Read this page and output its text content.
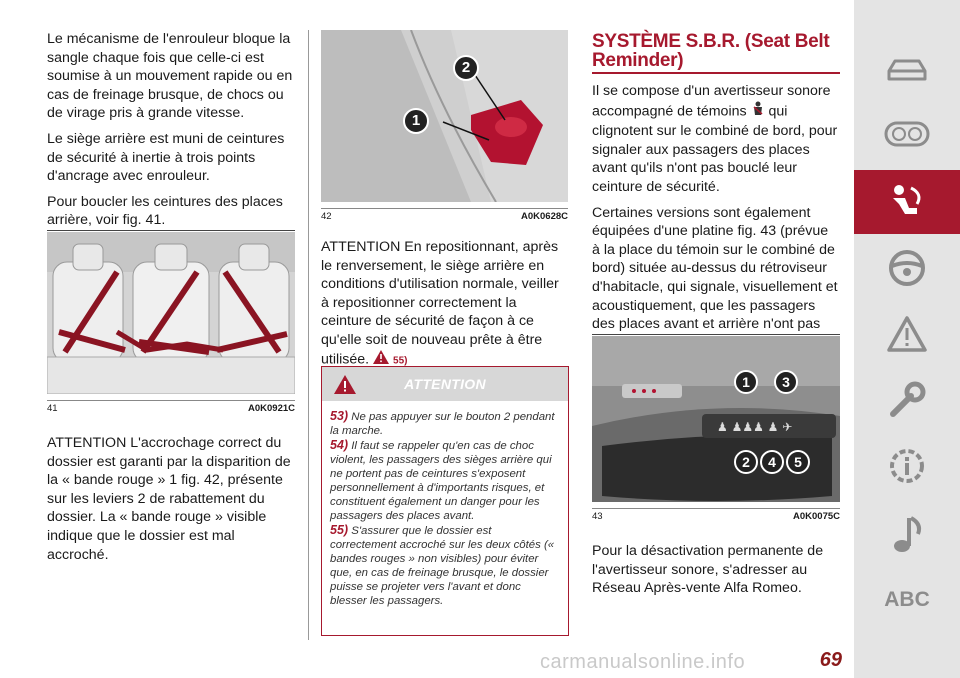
Le mécanisme de l'enrouleur bloque la sangle chaque fois que celle-ci est soumise à un mouvement rapide ou en cas de freinage brusque, de chocs ou de virage pris à grande vitesse.

Le siège arrière est muni de ceintures de sécurité à inertie à trois points d'ancrage avec enrouleur.

Pour boucler les ceintures des places arrière, voir fig. 41.

41	A0K0921C

ATTENTION L'accrochage correct du dossier est garanti par la disparition de la « bande rouge » 1 fig. 42, présente sur les leviers 2 de rabattement du dossier. La « bande rouge » visible indique que le dossier est mal accroché.

1
2
42	A0K0628C

ATTENTION En repositionnant, après le renversement, le siège arrière en conditions d'utilisation normale, veiller à repositionner correctement la ceinture de sécurité de façon à ce qu'elle soit de nouveau prête à être utilisée. 55)

ATTENTION
53) Ne pas appuyer sur le bouton 2 pendant la marche.
54) Il faut se rappeler qu'en cas de choc violent, les passagers des sièges arrière qui ne portent pas de ceintures s'exposent personnellement à d'importants risques, et constituent également un danger pour les passagers des places avant.
55) S'assurer que le dossier est correctement accroché sur les deux côtés (« bandes rouges » non visibles) pour éviter que, en cas de freinage brusque, le dossier puisse se projeter vers l'avant et donc blesser les passagers.
SYSTÈME S.B.R. (Seat Belt Reminder)

Il se compose d'un avertisseur sonore accompagné de témoins qui clignotent sur le combiné de bord, pour signaler aux passagers des places avant qu'ils n'ont pas bouclé leur ceinture de sécurité.

Certaines versions sont également équipées d'une platine fig. 43 (prévue à la place du témoin sur le combiné de bord) située au-dessus du rétroviseur d'habitacle, qui signale, visuellement et acoustiquement, que les passagers des places avant et arrière n'ont pas

♟ ♟♟♟ ♟ ✈
1	3
2	4	5
43	A0K0075C

Pour la désactivation permanente de l'avertisseur sonore, s'adresser au Réseau Après-vente Alfa Romeo.	ABC
carmanualsonline.info	69
